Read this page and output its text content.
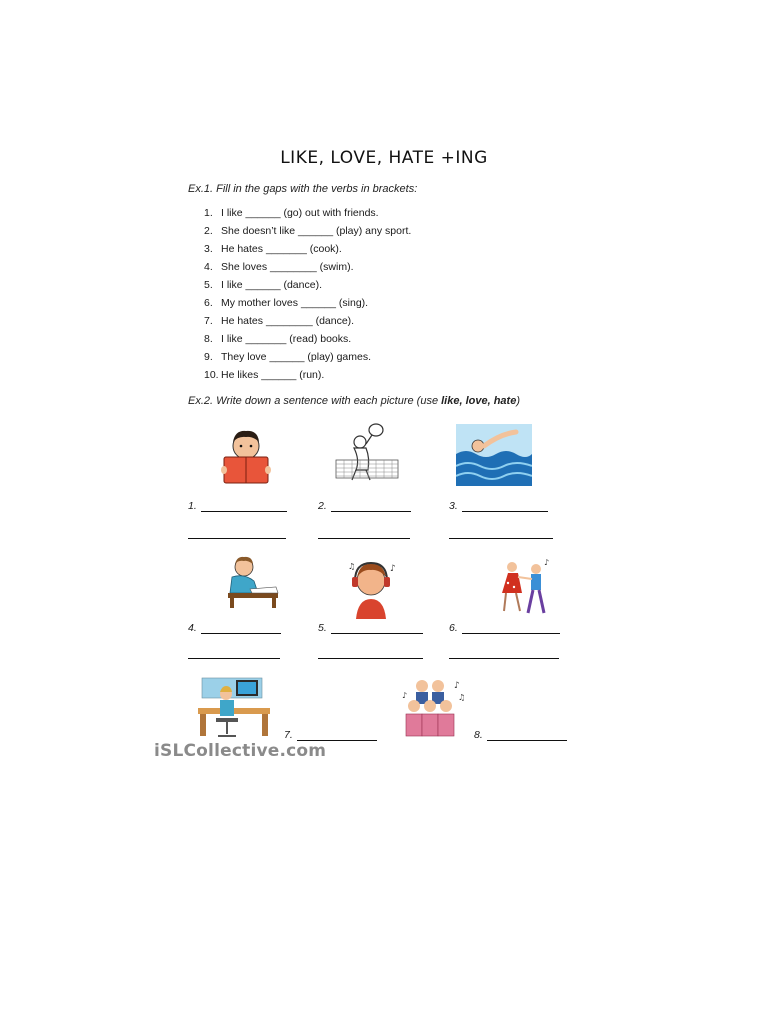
LIKE, LOVE, HATE +ING
Ex.1. Fill in the gaps with the verbs in brackets:
1. I like ______ (go) out with friends.
2. She doesn’t like ______ (play) any sport.
3. He hates _______ (cook).
4. She loves ________ (swim).
5. I like ______ (dance).
6. My mother loves ______ (sing).
7. He hates ________ (dance).
8. I like _______ (read) books.
9. They love ______ (play) games.
10. He likes ______ (run).
Ex.2. Write down a sentence with each picture (use like, love, hate)
1.	2.	3.
♪
♫	♪
4.	5.	6.
♪
♫
♪
7.	8.
iSLCollective.com
